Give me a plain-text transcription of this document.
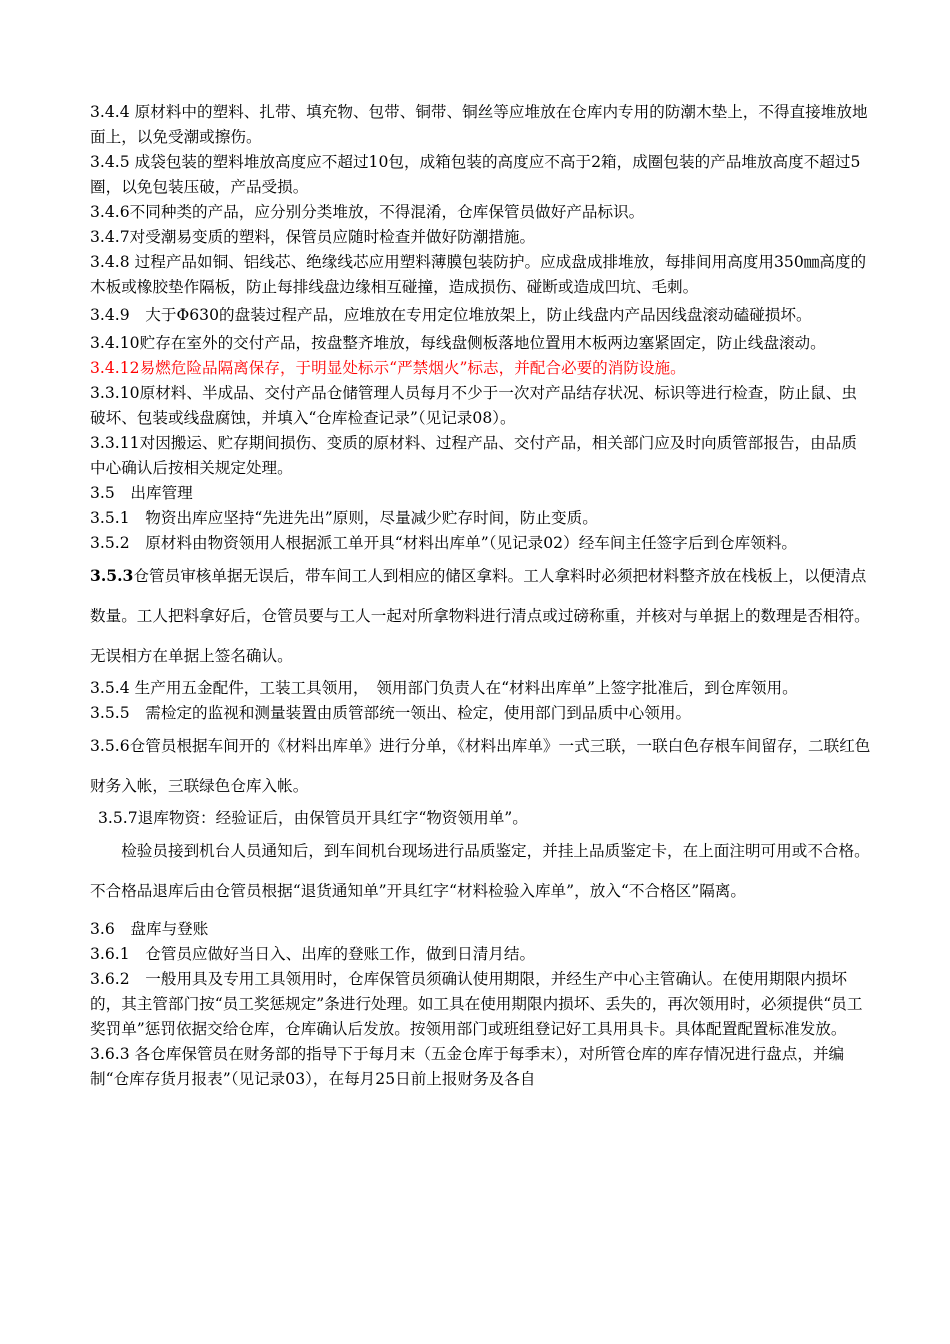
3.4.4 原材料中的塑料、扎带、填充物、包带、铜带、铜丝等应堆放在仓库内专用的防潮木垫上，不得直接堆放地面上，以免受潮或擦伤。

3.4.5 成袋包装的塑料堆放高度应不超过10包，成箱包装的高度应不高于2箱，成圈包装的产品堆放高度不超过5圈，以免包装压破，产品受损。

3.4.6不同种类的产品，应分别分类堆放，不得混淆，仓库保管员做好产品标识。

3.4.7对受潮易变质的塑料，保管员应随时检查并做好防潮措施。

3.4.8 过程产品如铜、铝线芯、绝缘线芯应用塑料薄膜包装防护。应成盘成排堆放，每排间用高度用350㎜高度的木板或橡胶垫作隔板，防止每排线盘边缘相互碰撞，造成损伤、碰断或造成凹坑、毛刺。

3.4.9　大于Φ630的盘装过程产品，应堆放在专用定位堆放架上，防止线盘内产品因线盘滚动磕碰损坏。

3.4.10贮存在室外的交付产品，按盘整齐堆放，每线盘侧板落地位置用木板两边塞紧固定，防止线盘滚动。

3.4.12易燃危险品隔离保存，于明显处标示“严禁烟火”标志，并配合必要的消防设施。

3.3.10原材料、半成品、交付产品仓储管理人员每月不少于一次对产品结存状况、标识等进行检查，防止鼠、虫破坏、包装或线盘腐蚀，并填入“仓库检查记录”（见记录08）。

3.3.11对因搬运、贮存期间损伤、变质的原材料、过程产品、交付产品，相关部门应及时向质管部报告，由品质中心确认后按相关规定处理。

3.5　出库管理

3.5.1　物资出库应坚持“先进先出”原则，尽量减少贮存时间，防止变质。

3.5.2　原材料由物资领用人根据派工单开具“材料出库单”（见记录02）经车间主任签字后到仓库领料。

3.5.3仓管员审核单据无误后，带车间工人到相应的储区拿料。工人拿料时必须把材料整齐放在栈板上，以便清点数量。工人把料拿好后，仓管员要与工人一起对所拿物料进行清点或过磅称重，并核对与单据上的数理是否相符。无误相方在单据上签名确认。

3.5.4 生产用五金配件，工装工具领用，　领用部门负责人在“材料出库单”上签字批准后，到仓库领用。

3.5.5　需检定的监视和测量装置由质管部统一领出、检定，使用部门到品质中心领用。

3.5.6仓管员根据车间开的《材料出库单》进行分单，《材料出库单》一式三联，一联白色存根车间留存，二联红色财务入帐，三联绿色仓库入帐。

3.5.7退库物资：经验证后，由保管员开具红字“物资领用单”。

检验员接到机台人员通知后，到车间机台现场进行品质鉴定，并挂上品质鉴定卡，在上面注明可用或不合格。不合格品退库后由仓管员根据“退货通知单”开具红字“材料检验入库单”，放入“不合格区”隔离。

3.6　盘库与登账

3.6.1　仓管员应做好当日入、出库的登账工作，做到日清月结。

3.6.2　一般用具及专用工具领用时，仓库保管员须确认使用期限，并经生产中心主管确认。在使用期限内损坏的，其主管部门按“员工奖惩规定”条进行处理。如工具在使用期限内损坏、丢失的，再次领用时，必须提供“员工奖罚单”惩罚依据交给仓库，仓库确认后发放。按领用部门或班组登记好工具用具卡。具体配置配置标准发放。

3.6.3 各仓库保管员在财务部的指导下于每月末（五金仓库于每季末），对所管仓库的库存情况进行盘点，并编制“仓库存货月报表”（见记录03），在每月25日前上报财务及各自
